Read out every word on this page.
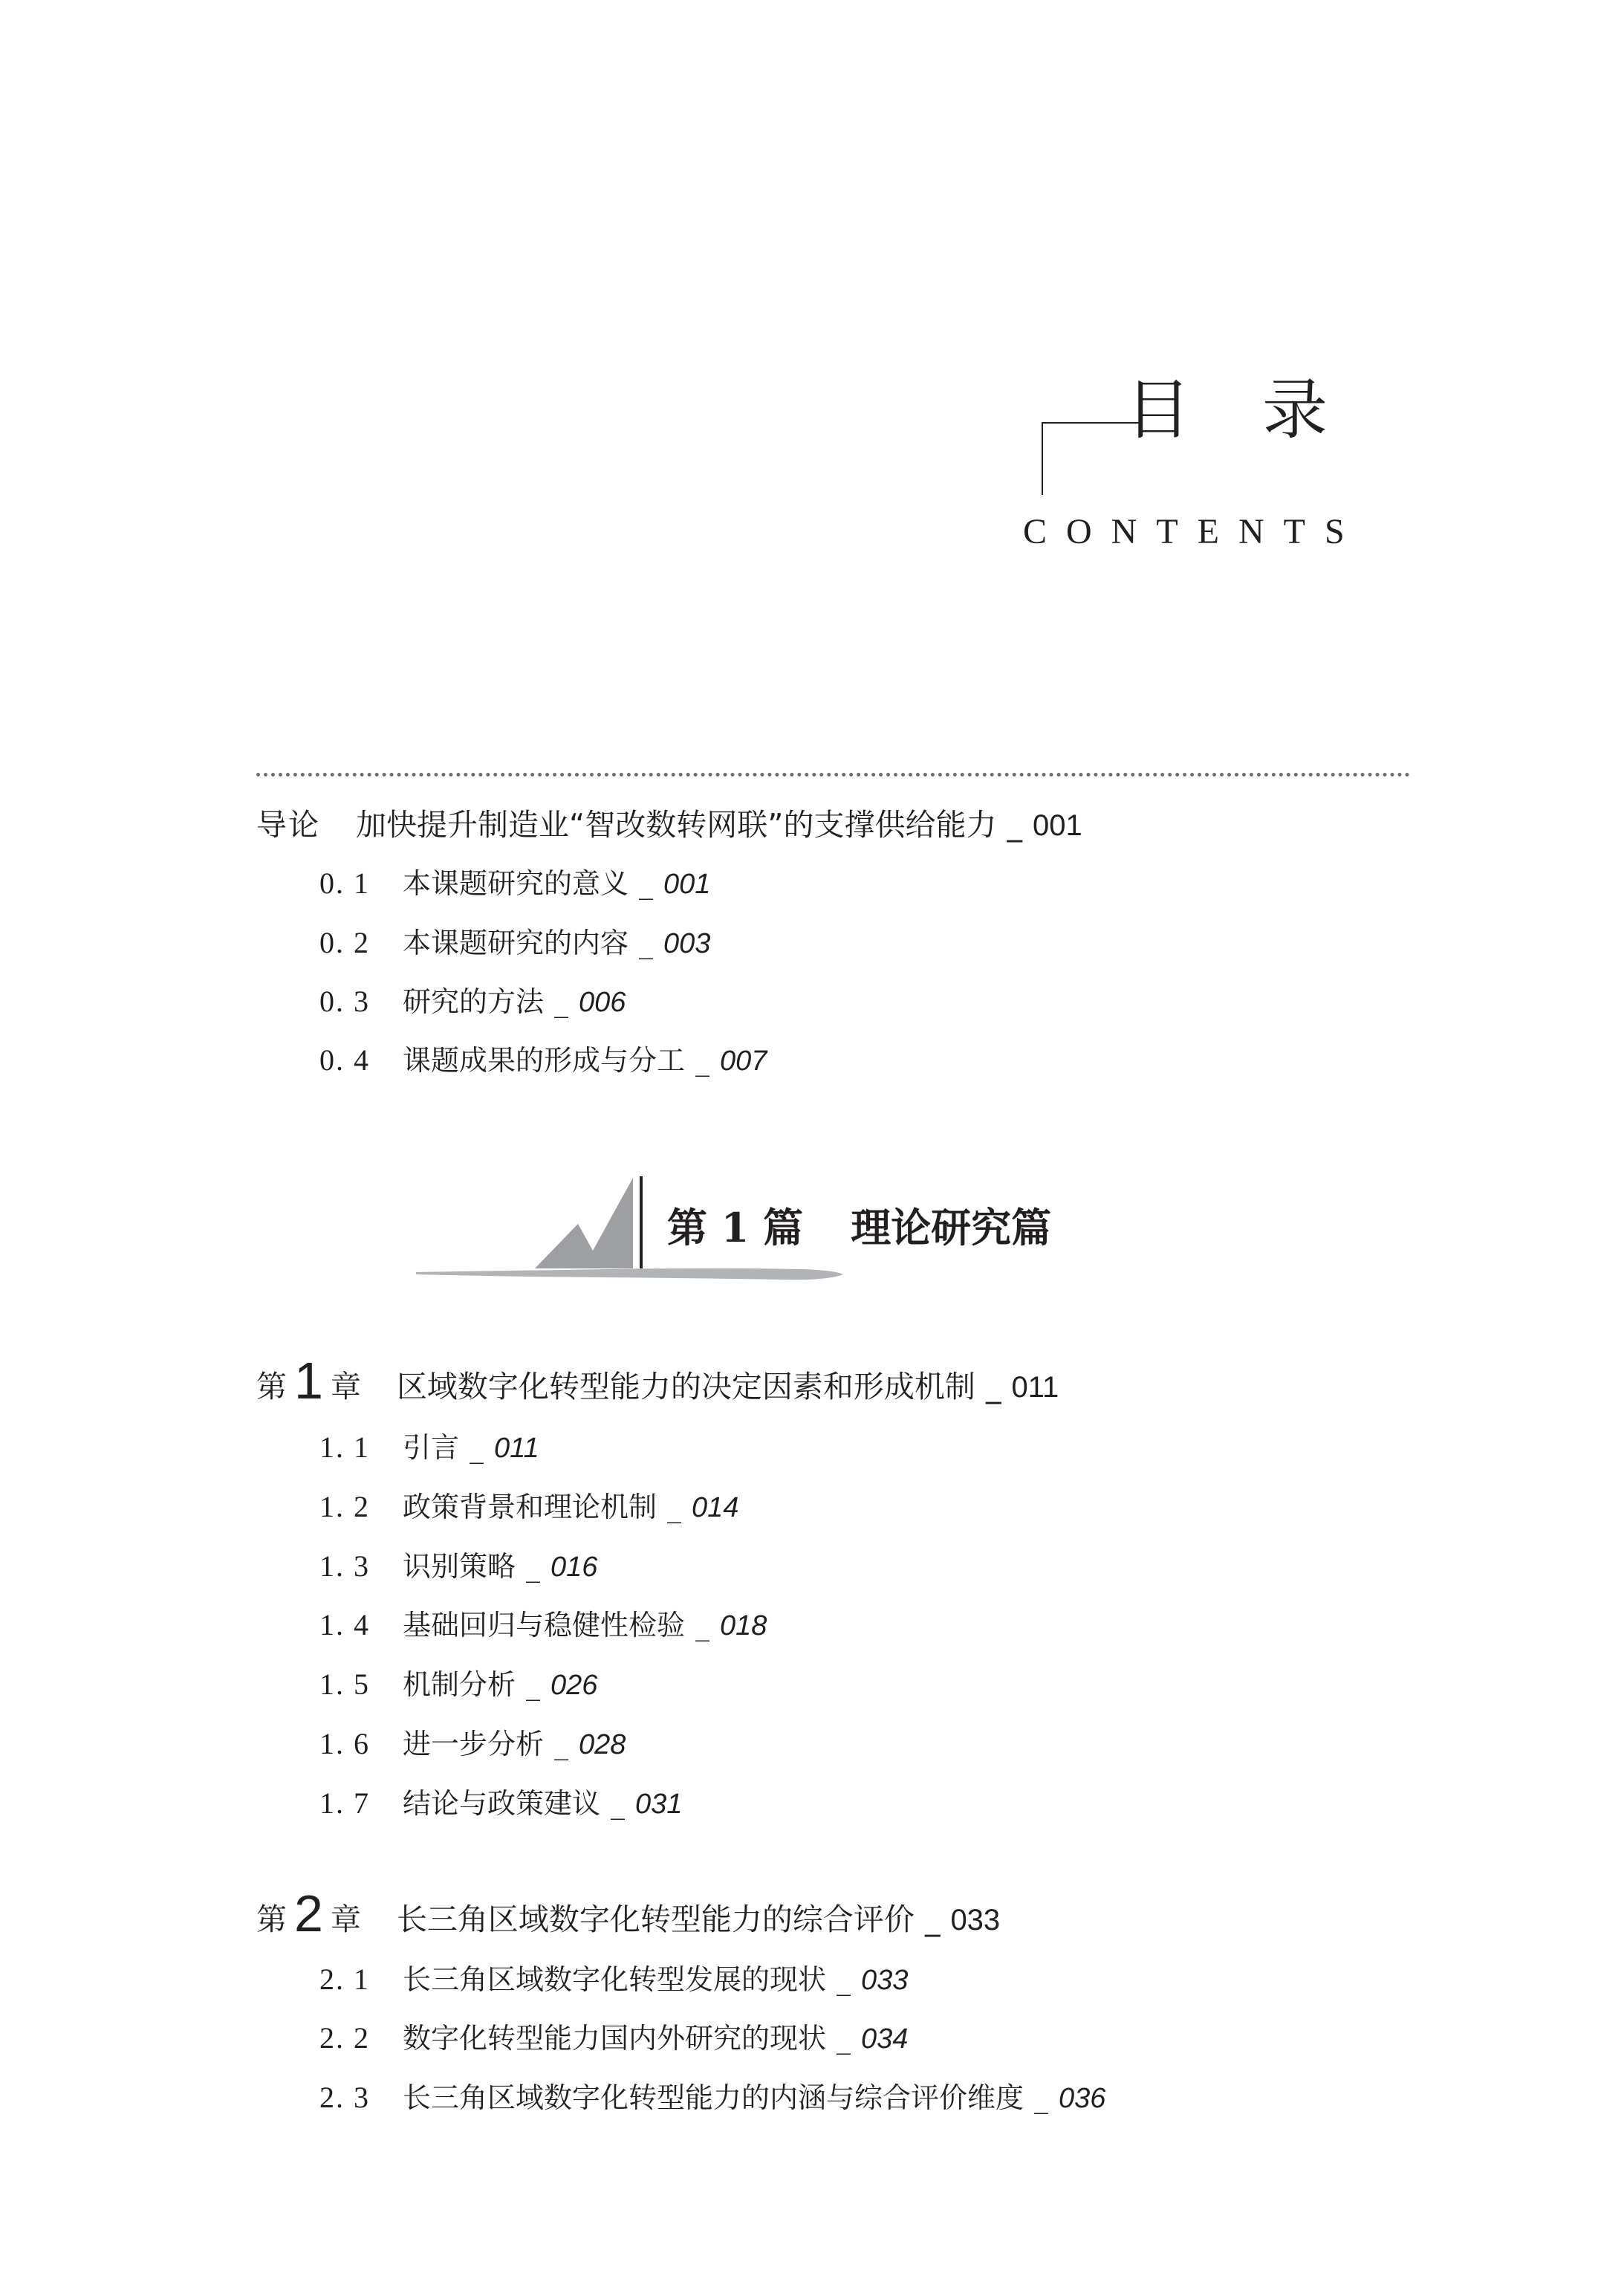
目录
CONTENTS
导论 加快提升制造业“智改数转网联”的支撑供给能力 _ 001
0. 1 本课题研究的意义 _ 001
0. 2 本课题研究的内容 _ 003
0. 3 研究的方法 _ 006
0. 4 课题成果的形成与分工 _ 007
第 1 篇 理论研究篇
第 1 章 区域数字化转型能力的决定因素和形成机制 _ 011
1. 1 引言 _ 011
1. 2 政策背景和理论机制 _ 014
1. 3 识别策略 _ 016
1. 4 基础回归与稳健性检验 _ 018
1. 5 机制分析 _ 026
1. 6 进一步分析 _ 028
1. 7 结论与政策建议 _ 031
第 2 章 长三角区域数字化转型能力的综合评价 _ 033
2. 1 长三角区域数字化转型发展的现状 _ 033
2. 2 数字化转型能力国内外研究的现状 _ 034
2. 3 长三角区域数字化转型能力的内涵与综合评价维度 _ 036
